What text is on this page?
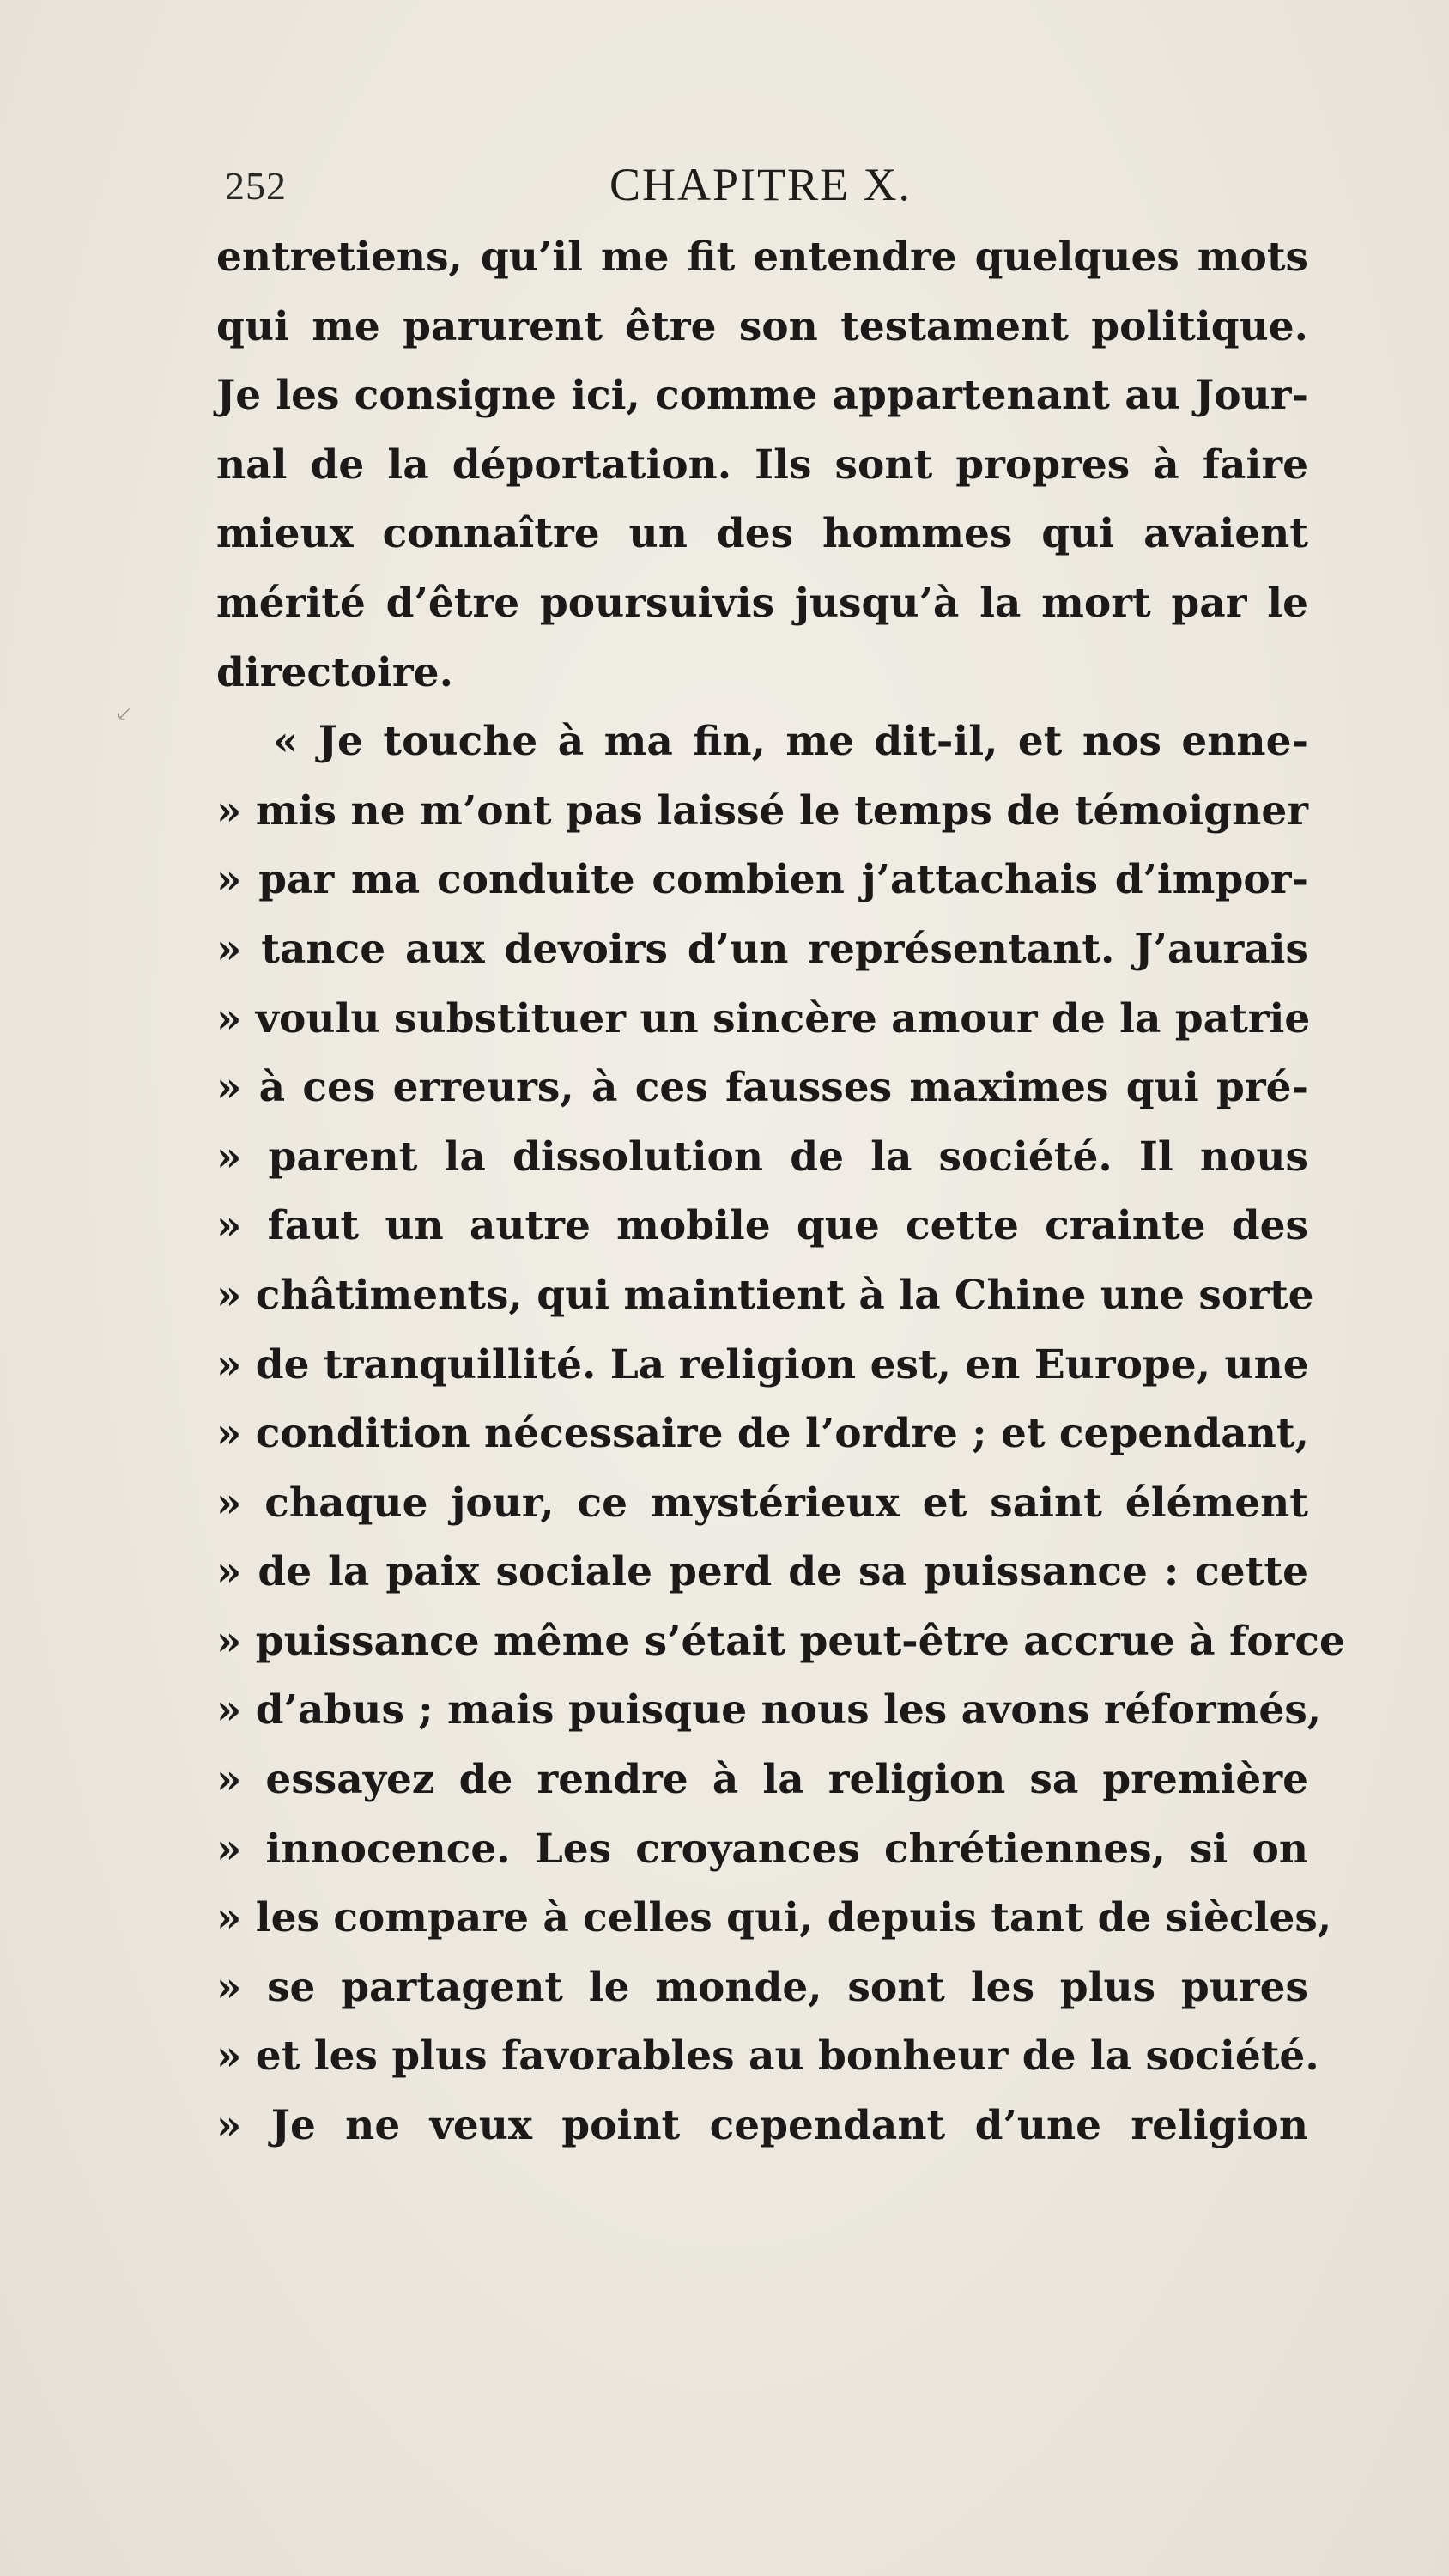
252	CHAPITRE X.
⸔
entretiens, qu’il me fit entendre quelques mots
qui me parurent être son testament politique.
Je les consigne ici, comme appartenant au Jour-
nal de la déportation. Ils sont propres à faire
mieux connaître un des hommes qui avaient
mérité d’être poursuivis jusqu’à la mort par le
directoire.
« Je touche à ma fin, me dit-il, et nos enne-
» mis ne m’ont pas laissé le temps de témoigner
» par ma conduite combien j’attachais d’impor-
» tance aux devoirs d’un représentant. J’aurais
» voulu substituer un sincère amour de la patrie
» à ces erreurs, à ces fausses maximes qui pré-
» parent la dissolution de la société. Il nous
» faut un autre mobile que cette crainte des
» châtiments, qui maintient à la Chine une sorte
» de tranquillité. La religion est, en Europe, une
» condition nécessaire de l’ordre ; et cependant,
» chaque jour, ce mystérieux et saint élément
» de la paix sociale perd de sa puissance : cette
» puissance même s’était peut-être accrue à force
» d’abus ; mais puisque nous les avons réformés,
» essayez de rendre à la religion sa première
» innocence. Les croyances chrétiennes, si on
» les compare à celles qui, depuis tant de siècles,
» se partagent le monde, sont les plus pures
» et les plus favorables au bonheur de la société.
» Je ne veux point cependant d’une religion
